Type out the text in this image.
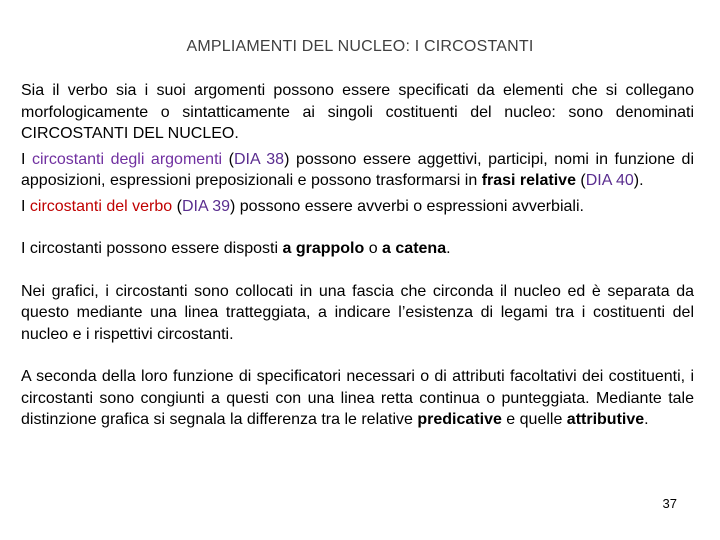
AMPLIAMENTI DEL NUCLEO: I CIRCOSTANTI

Sia il verbo sia i suoi argomenti possono essere specificati da elementi che si collegano morfologicamente o sintatticamente ai singoli costituenti del nucleo: sono denominati CIRCOSTANTI DEL NUCLEO.

I circostanti degli argomenti (DIA 38) possono essere aggettivi, participi, nomi in funzione di apposizioni, espressioni preposizionali e possono trasformarsi in frasi relative (DIA 40).

I circostanti del verbo (DIA 39) possono essere avverbi o espressioni avverbiali.

I circostanti possono essere disposti a grappolo o a catena.

Nei grafici, i circostanti sono collocati in una fascia che circonda il nucleo ed è separata da questo mediante una linea tratteggiata, a indicare l’esistenza di legami tra i costituenti del nucleo e i rispettivi circostanti.

A seconda della loro funzione di specificatori necessari o di attributi facoltativi dei costituenti, i circostanti sono congiunti a questi con una linea retta continua o punteggiata. Mediante tale distinzione grafica si segnala la differenza tra le relative predicative e quelle attributive.

37
